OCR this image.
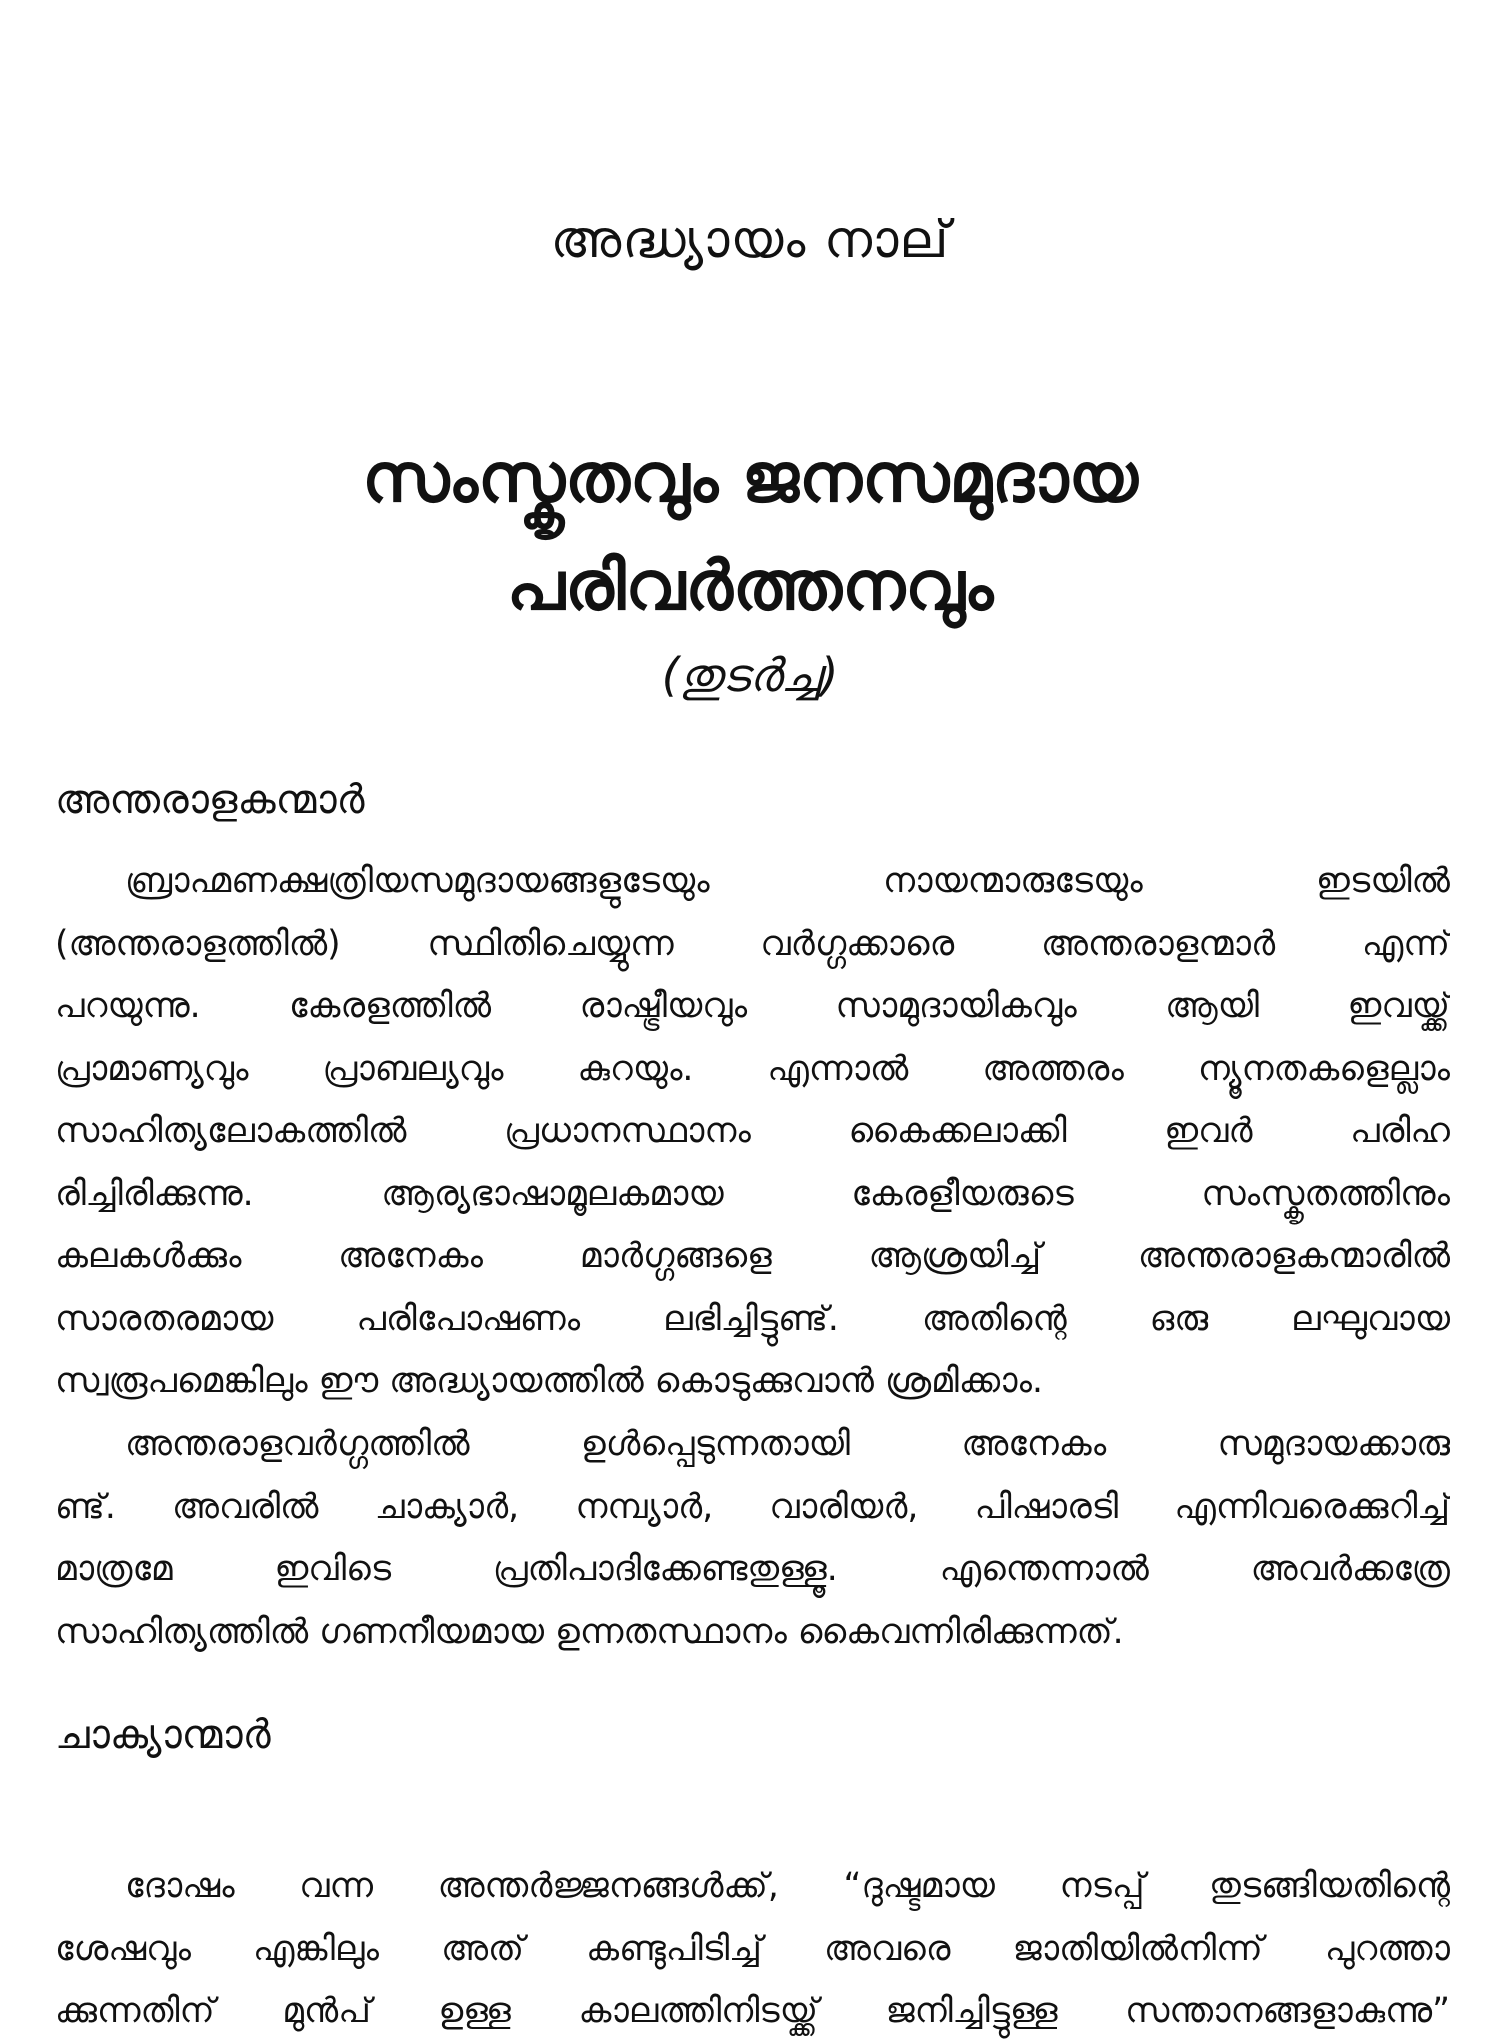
അദ്ധ്യായം നാല്
സംസ്കൃതവും ജനസമുദായ
പരിവർത്തനവും
(തുടർച്ച)
അന്തരാളകന്മാർ
ബ്രാഹ്മണക്ഷത്രിയസമുദായങ്ങളുടേയും നായന്മാരുടേയും ഇടയിൽ
(അന്തരാളത്തിൽ) സ്ഥിതിചെയ്യുന്ന വർഗ്ഗക്കാരെ അന്തരാളന്മാർ എന്ന്
പറയുന്നു. കേരളത്തിൽ രാഷ്ട്രീയവും സാമുദായികവും ആയി ഇവയ്ക്ക്
പ്രാമാണ്യവും പ്രാബല്യവും കുറയും. എന്നാൽ അത്തരം ന്യൂനതകളെല്ലാം
സാഹിത്യലോകത്തിൽ പ്രധാനസ്ഥാനം കൈക്കലാക്കി ഇവർ പരിഹ
രിച്ചിരിക്കുന്നു. ആര്യഭാഷാമൂലകമായ കേരളീയരുടെ സംസ്കൃതത്തിനും
കലകൾക്കും അനേകം മാർഗ്ഗങ്ങളെ ആശ്രയിച്ച് അന്തരാളകന്മാരിൽ
സാരതരമായ പരിപോഷണം ലഭിച്ചിട്ടുണ്ട്. അതിന്റെ ഒരു ലഘുവായ
സ്വരൂപമെങ്കിലും ഈ അദ്ധ്യായത്തിൽ കൊടുക്കുവാൻ ശ്രമിക്കാം.
അന്തരാളവർഗ്ഗത്തിൽ ഉൾപ്പെടുന്നതായി അനേകം സമുദായക്കാരു
ണ്ട്. അവരിൽ ചാക്യാർ, നമ്പ്യാർ, വാരിയർ, പിഷാരടി എന്നിവരെക്കുറിച്ച്
മാത്രമേ ഇവിടെ പ്രതിപാദിക്കേണ്ടതുള്ളൂ. എന്തെന്നാൽ അവർക്കത്രേ
സാഹിത്യത്തിൽ ഗണനീയമായ ഉന്നതസ്ഥാനം കൈവന്നിരിക്കുന്നത്.
ചാക്യാന്മാർ
ദോഷം വന്ന അന്തർജ്ജനങ്ങൾക്ക്, “ദുഷ്ടമായ നടപ്പ് തുടങ്ങിയതിന്റെ
ശേഷവും എങ്കിലും അത് കണ്ടുപിടിച്ച് അവരെ ജാതിയിൽനിന്ന് പുറത്താ
ക്കുന്നതിന് മുൻപ് ഉള്ള കാലത്തിനിടയ്ക്ക് ജനിച്ചിട്ടുള്ള സന്താനങ്ങളാകുന്നു”
